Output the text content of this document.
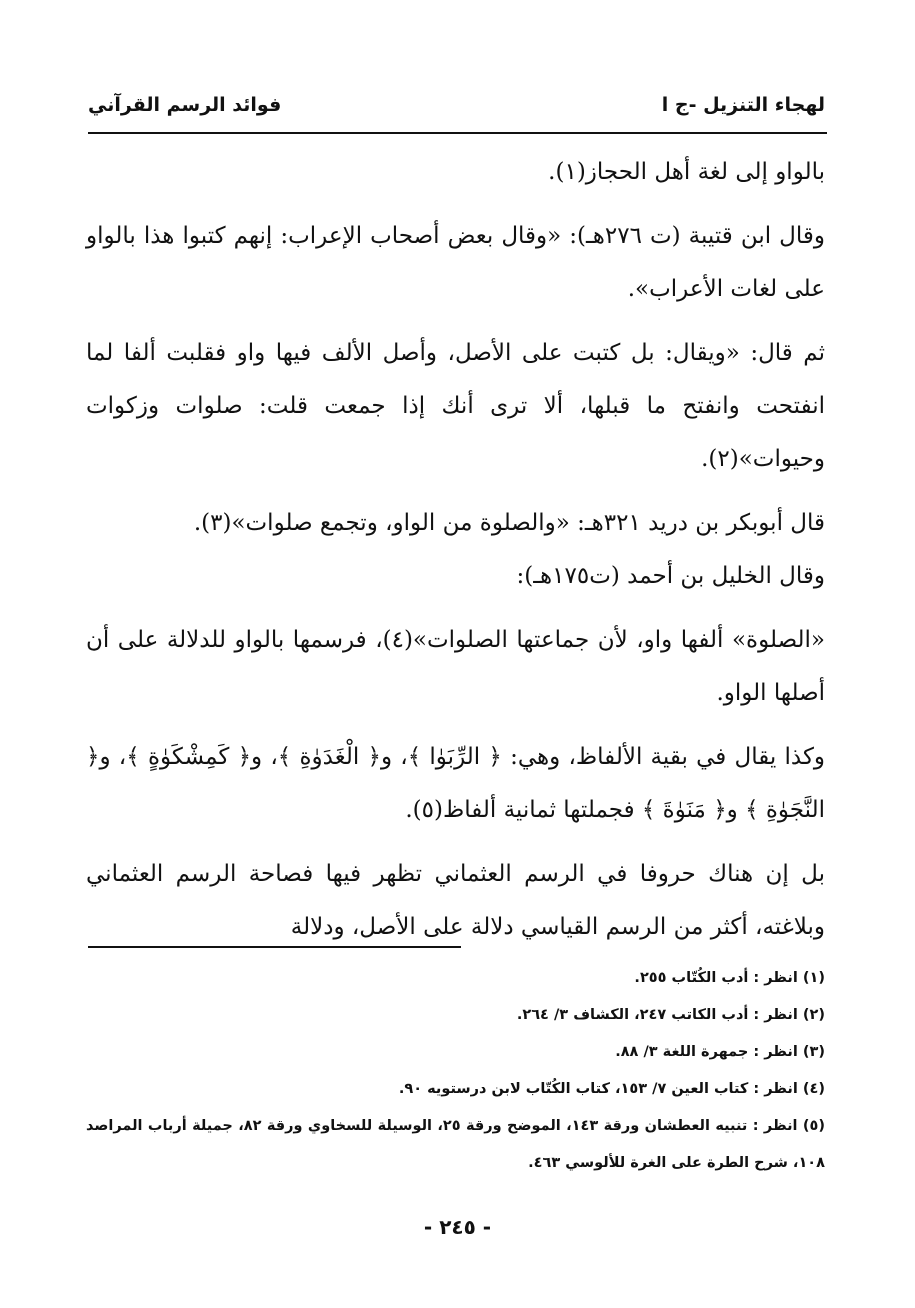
لهجاء التنزيل -ج ا
فوائد الرسم القرآني

بالواو إلى لغة أهل الحجاز(١).

وقال ابن قتيبة (ت ٢٧٦هـ): «وقال بعض أصحاب الإعراب: إنهم كتبوا هذا بالواو على لغات الأعراب».

ثم قال: «ويقال: بل كتبت على الأصل، وأصل الألف فيها واو فقلبت ألفا لما انفتحت وانفتح ما قبلها، ألا ترى أنك إذا جمعت قلت: صلوات وزكوات وحيوات»(٢).

قال أبوبكر بن دريد ٣٢١هـ: «والصلوة من الواو، وتجمع صلوات»(٣).

وقال الخليل بن أحمد (ت١٧٥هـ):

«الصلوة» ألفها واو، لأن جماعتها الصلوات»(٤)، فرسمها بالواو للدلالة على أن أصلها الواو.

وكذا يقال في بقية الألفاظ، وهي: ﴿ الرِّبَوٰا ﴾، و﴿ الْغَدَوٰةِ ﴾، و﴿ كَمِشْكَوٰةٍ ﴾، و﴿ النَّجَوٰةِ ﴾ و﴿ مَنَوٰةَ ﴾ فجملتها ثمانية ألفاظ(٥).

بل إن هناك حروفا في الرسم العثماني تظهر فيها فصاحة الرسم العثماني وبلاغته، أكثر من الرسم القياسي دلالة على الأصل، ودلالة

(١) انظر : أدب الكُتّاب ٢٥٥.

(٢) انظر : أدب الكاتب ٢٤٧، الكشاف ٣/ ٢٦٤.

(٣) انظر : جمهرة اللغة ٣/ ٨٨.

(٤) انظر : كتاب العين ٧/ ١٥٣، كتاب الكُتّاب لابن درستويه ٩٠.

(٥) انظر : تنبيه العطشان ورقة ١٤٣، الموضح ورقة ٢٥، الوسيلة للسخاوي ورقة ٨٢، جميلة أرباب المراصد ١٠٨، شرح الطرة على الغرة للألوسي ٤٦٣.

- ٢٤٥ -
